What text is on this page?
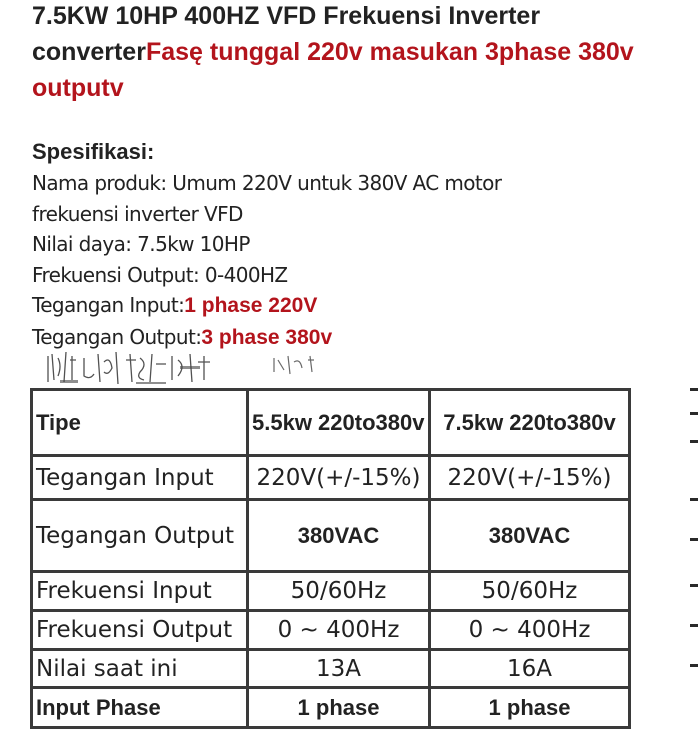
7.5KW 10HP 400HZ VFD Frekuensi Inverter converterFasę tunggal 220v masukan 3phase 380v outputv
Spesifikasi:
Nama produk: Umum 220V untuk 380V AC motor
frekuensi inverter VFD
Nilai daya: 7.5kw 10HP
Frekuensi Output: 0-400HZ
Tegangan Input:1 phase 220V
Tegangan Output:3 phase 380v
Tipe	5.5kw 220to380v	7.5kw 220to380v
Tegangan Input	220V(+/-15%)	220V(+/-15%)
Tegangan Output	380VAC	380VAC
Frekuensi Input	50/60Hz	50/60Hz
Frekuensi Output	0 ~ 400Hz	0 ~ 400Hz
Nilai saat ini	13A	16A
Input Phase	1 phase	1 phase
